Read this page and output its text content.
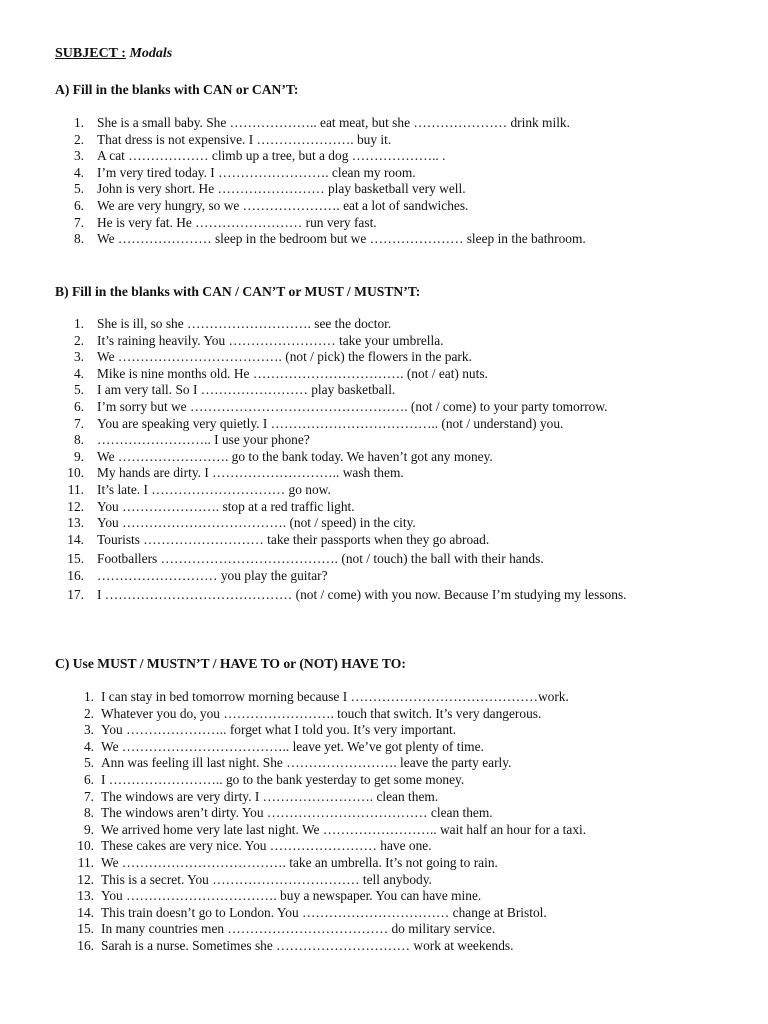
SUBJECT : Modals
A) Fill in the blanks with CAN or CAN’T:
1. She is a small baby. She ……………….. eat meat, but she ………………… drink milk.
2. That dress is not expensive. I …………………. buy it.
3. A cat ……………… climb up a tree, but a dog ……………….. .
4. I’m very tired today. I ……………………. clean my room.
5. John is very short. He …………………… play basketball very well.
6. We are very hungry, so we …………………. eat a lot of sandwiches.
7. He is very fat. He …………………… run very fast.
8. We ………………… sleep in the bedroom but we ………………… sleep in the bathroom.
B) Fill in the blanks with CAN / CAN’T or MUST / MUSTN’T:
1. She is ill, so she ………………………. see the doctor.
2. It’s raining heavily. You …………………… take your umbrella.
3. We ………………………………. (not / pick) the flowers in the park.
4. Mike is nine months old. He ……………………………. (not / eat) nuts.
5. I am very tall. So I …………………… play basketball.
6. I’m sorry but we …………………………………………. (not / come) to your party tomorrow.
7. You are speaking very quietly. I ……………………………….. (not / understand) you.
8. …………………….. I use your phone?
9. We ……………………. go to the bank today. We haven’t got any money.
10. My hands are dirty. I ……………………….. wash them.
11. It’s late. I ………………………… go now.
12. You …………………. stop at a red traffic light.
13. You ………………………………. (not / speed) in the city.
14. Tourists ……………………… take their passports when they go abroad.
15. Footballers …………………………………. (not / touch) the ball with their hands.
16. ……………………… you play the guitar?
17. I …………………………………… (not / come) with you now. Because I’m studying my lessons.
C) Use MUST / MUSTN’T / HAVE TO or (NOT) HAVE TO:
1. I can stay in bed tomorrow morning because I ……………………………………work.
2. Whatever you do, you ……………………. touch that switch. It’s very dangerous.
3. You ………………….. forget what I told you. It’s very important.
4. We ……………………………….. leave yet. We’ve got plenty of time.
5. Ann was feeling ill last night. She ……………………. leave the party early.
6. I …………………….. go to the bank yesterday to get some money.
7. The windows are very dirty. I ……………………. clean them.
8. The windows aren’t dirty. You ……………………………… clean them.
9. We arrived home very late last night. We …………………….. wait half an hour for a taxi.
10. These cakes are very nice. You …………………… have one.
11. We ………………………………. take an umbrella. It’s not going to rain.
12. This is a secret. You …………………………… tell anybody.
13. You ……………………………. buy a newspaper. You can have mine.
14. This train doesn’t go to London. You …………………………… change at Bristol.
15. In many countries men ……………………………… do military service.
16. Sarah is a nurse. Sometimes she ………………………… work at weekends.
